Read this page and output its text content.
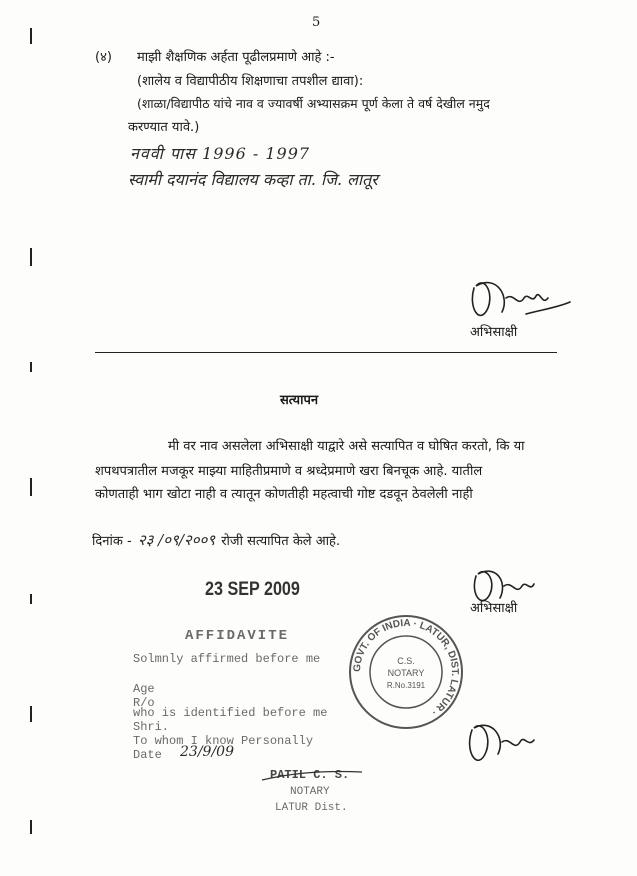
5
(४) माझी शैक्षणिक अर्हता पूढीलप्रमाणे आहे :-
(शालेय व विद्यापीठीय शिक्षणाचा तपशील द्यावा):
(शाळा/विद्यापीठ यांचे नाव व ज्यावर्षी अभ्यासक्रम पूर्ण केला ते वर्ष देखील नमुद
करण्यात यावे.)
नववी पास 1996 - 1997
स्वामी दयानंद विद्यालय कव्हा ता. जि. लातूर
अभिसाक्षी
सत्यापन
मी वर नाव असलेला अभिसाक्षी याद्वारे असे सत्यापित व घोषित करतो, कि या
शपथपत्रातील मजकूर माझ्या माहितीप्रमाणे व श्रध्देप्रमाणे खरा बिनचूक आहे. यातील
कोणताही भाग खोटा नाही व त्यातून कोणतीही महत्वाची गोष्ट दडवून ठेवलेली नाही
दिनांक - २३ /०९/२००९ रोजी सत्यापित केले आहे.
अभिसाक्षी
23 SEP 2009
AFFIDAVITE
Solmnly affirmed before me
Age
R/o
who is identified before me
Shri.
To whom I know Personally
Date 23/9/09
PATIL C. S.
NOTARY
LATUR Dist.
GOVT. OF INDIA · LATUR, DIST. LATUR ·
C.S.
NOTARY
R.No.3191
